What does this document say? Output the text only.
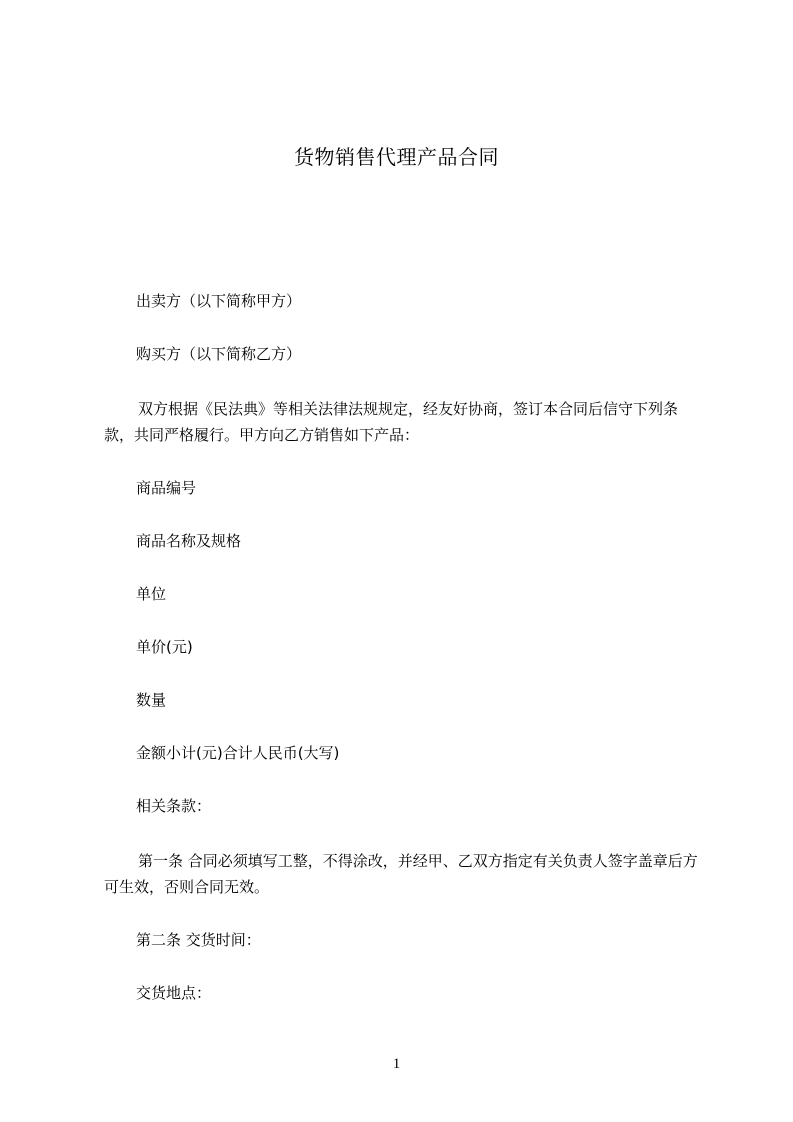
货物销售代理产品合同
出卖方（以下简称甲方）
购买方（以下简称乙方）
双方根据《民法典》等相关法律法规规定，经友好协商，签订本合同后信守下列条款，共同严格履行。甲方向乙方销售如下产品：
商品编号
商品名称及规格
单位
单价(元)
数量
金额小计(元)合计人民币(大写)
相关条款：
第一条 合同必须填写工整，不得涂改，并经甲、乙双方指定有关负责人签字盖章后方可生效，否则合同无效。
第二条 交货时间：
交货地点：
1
